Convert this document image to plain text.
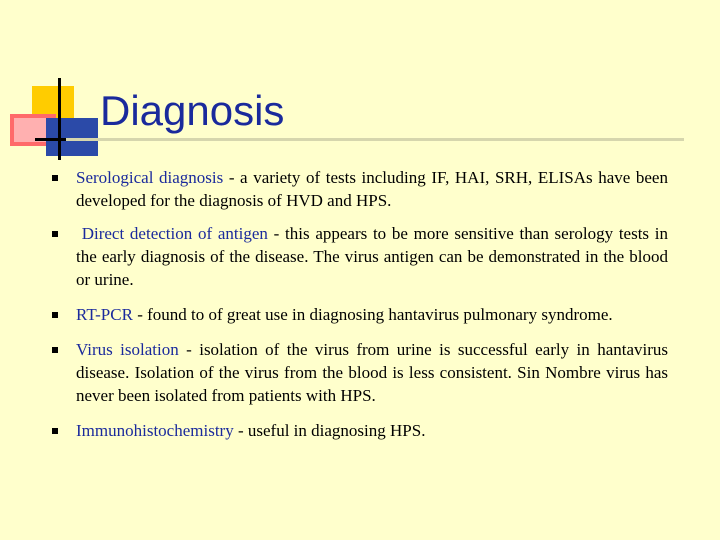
Diagnosis
Serological diagnosis - a variety of tests including IF, HAI, SRH, ELISAs have been developed for the diagnosis of HVD and HPS.
Direct detection of antigen - this appears to be more sensitive than serology tests in the early diagnosis of the disease. The virus antigen can be demonstrated in the blood or urine.
RT-PCR - found to of great use in diagnosing hantavirus pulmonary syndrome.
Virus isolation - isolation of the virus from urine is successful early in hantavirus disease. Isolation of the virus from the blood is less consistent. Sin Nombre virus has never been isolated from patients with HPS.
Immunohistochemistry - useful in diagnosing HPS.
